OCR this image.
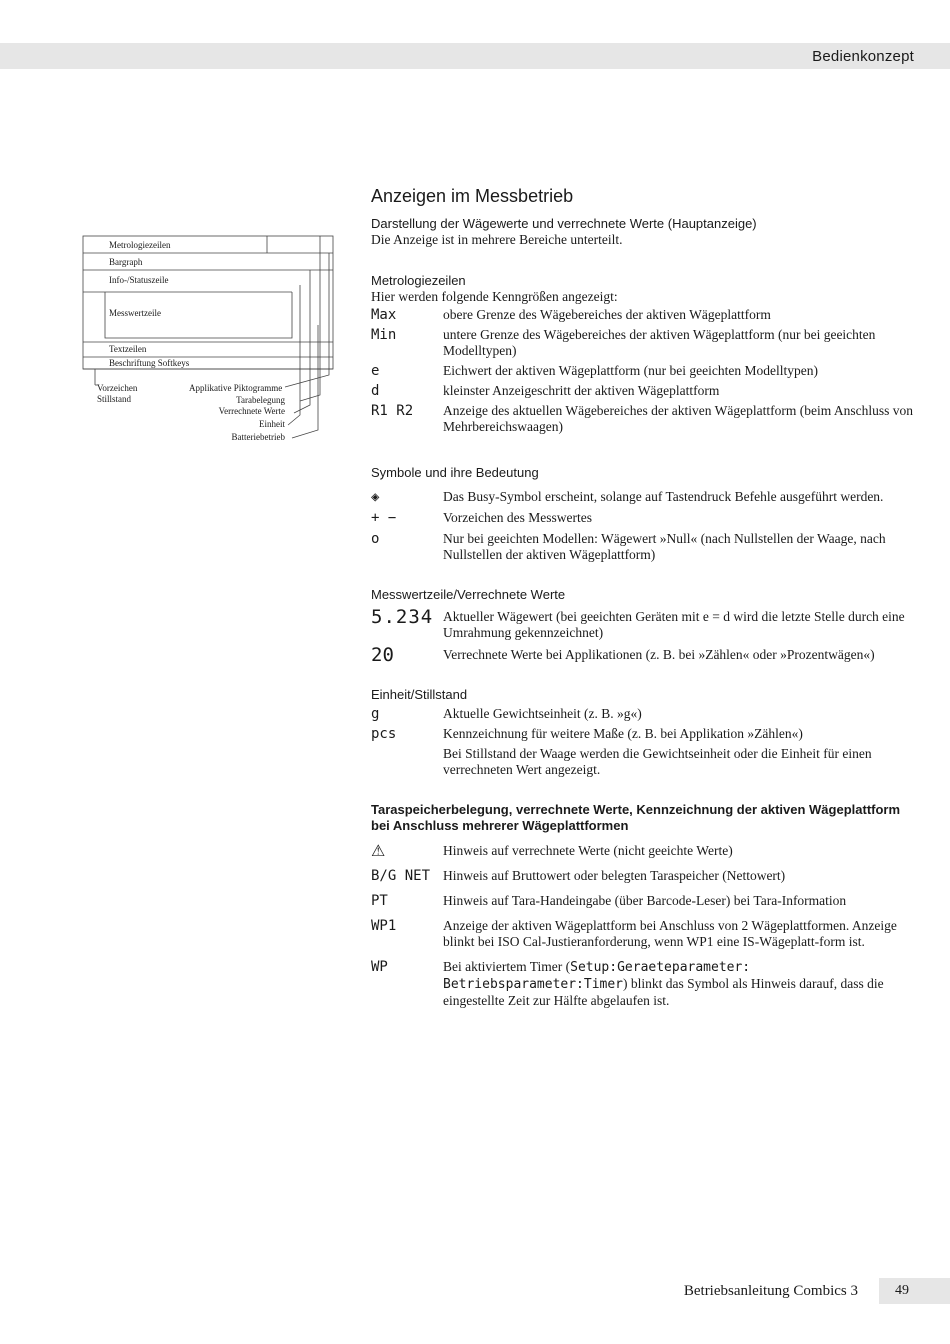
Bedienkonzept
Metrologiezeilen
Bargraph
Info-/Statuszeile
Messwertzeile
Textzeilen
Beschriftung Softkeys
Vorzeichen
Stillstand
Applikative Piktogramme
Tarabelegung
Verrechnete Werte
Einheit
Batteriebetrieb
Anzeigen im Messbetrieb
Darstellung der Wägewerte und verrechnete Werte (Hauptanzeige)

Die Anzeige ist in mehrere Bereiche unterteilt.

Metrologiezeilen

Hier werden folgende Kenngrößen angezeigt:

Max	obere Grenze des Wägebereiches der aktiven Wägeplattform
Min	untere Grenze des Wägebereiches der aktiven Wägeplattform (nur bei geeichten Modelltypen)
e	Eichwert der aktiven Wägeplattform (nur bei geeichten Modelltypen)
d	kleinster Anzeigeschritt der aktiven Wägeplattform
R1 R2	Anzeige des aktuellen Wägebereiches der aktiven Wägeplattform (beim Anschluss von Mehrbereichswaagen)
Symbole und ihre Bedeutung
◈	Das Busy-Symbol erscheint, solange auf Tastendruck Befehle ausgeführt werden.
+ −	Vorzeichen des Messwertes
o	Nur bei geeichten Modellen: Wägewert »Null« (nach Nullstellen der Waage, nach Nullstellen der aktiven Wägeplattform)
Messwertzeile/Verrechnete Werte
5.234 Aktueller Wägewert (bei geeichten Geräten mit e = d wird die letzte Stelle durch eine Umrahmung gekennzeichnet)
20	Verrechnete Werte bei Applikationen (z. B. bei »Zählen« oder »Prozentwägen«)
Einheit/Stillstand
g	Aktuelle Gewichtseinheit (z. B. »g«)
pcs	Kennzeichnung für weitere Maße (z. B. bei Applikation »Zählen«)
Bei Stillstand der Waage werden die Gewichtseinheit oder die Einheit für einen verrechneten Wert angezeigt.
Taraspeicherbelegung, verrechnete Werte, Kennzeichnung der aktiven Wägeplattform bei Anschluss mehrerer Wägeplattformen
⚠	Hinweis auf verrechnete Werte (nicht geeichte Werte)
B/G NET Hinweis auf Bruttowert oder belegten Taraspeicher (Nettowert)
PT	Hinweis auf Tara-Handeingabe (über Barcode-Leser) bei Tara-Information
WP1	Anzeige der aktiven Wägeplattform bei Anschluss von 2 Wägeplattformen. Anzeige blinkt bei ISO Cal-Justieranforderung, wenn WP1 eine IS-Wägeplatt-form ist.
WP	Bei aktiviertem Timer (Setup:Geraeteparameter: Betriebsparameter:Timer) blinkt das Symbol als Hinweis darauf, dass die eingestellte Zeit zur Hälfte abgelaufen ist.
Betriebsanleitung Combics 3	49
